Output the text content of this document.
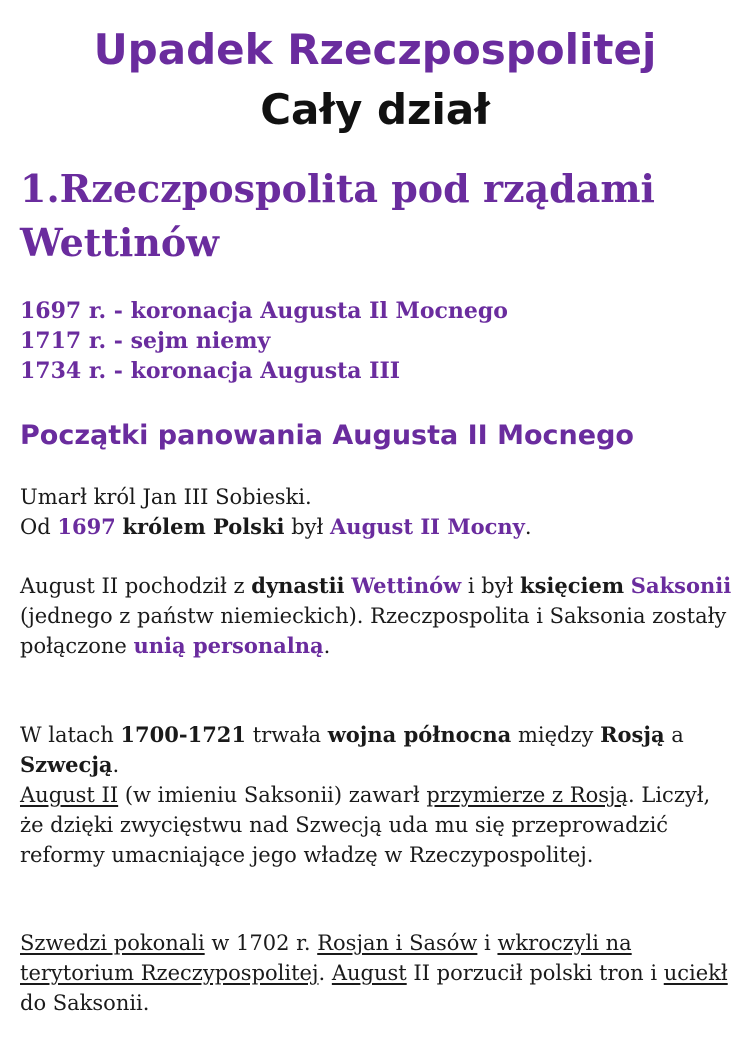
Upadek Rzeczpospolitej
Cały dział
1.Rzeczpospolita pod rządami Wettinów
1697 r. - koronacja Augusta Il Mocnego
1717 r. - sejm niemy
1734 r. - koronacja Augusta III
Początki panowania Augusta II Mocnego

Umarł król Jan III Sobieski.
Od 1697 królem Polski był August II Mocny.

August II pochodził z dynastii Wettinów i był księciem Saksonii (jednego z państw niemieckich). Rzeczpospolita i Saksonia zostały połączone unią personalną.

W latach 1700-1721 trwała wojna północna między Rosją a Szwecją.
August II (w imieniu Saksonii) zawarł przymierze z Rosją. Liczył, że dzięki zwycięstwu nad Szwecją uda mu się przeprowadzić reformy umacniające jego władzę w Rzeczypospolitej.

Szwedzi pokonali w 1702 r. Rosjan i Sasów i wkroczyli na terytorium Rzeczypospolitej. August II porzucił polski tron i uciekł do Saksonii.
